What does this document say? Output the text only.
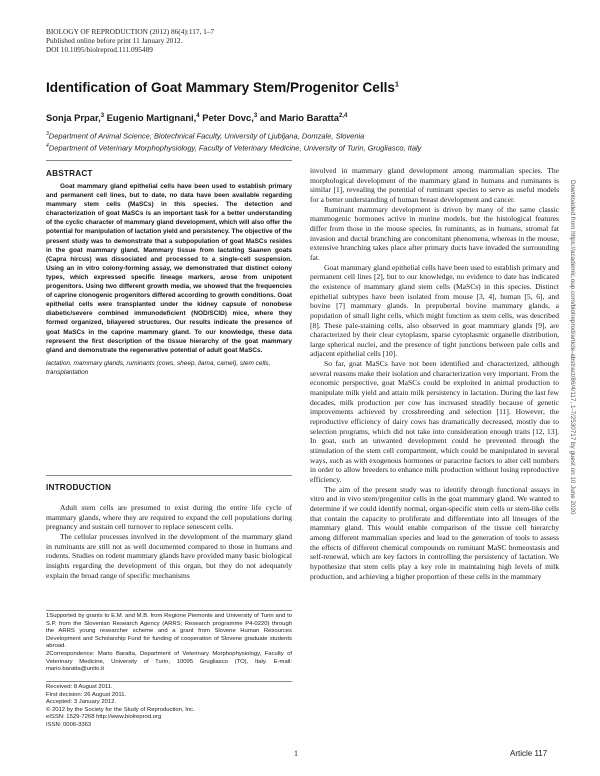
BIOLOGY OF REPRODUCTION (2012) 86(4):117, 1–7
Published online before print 11 January 2012.
DOI 10.1095/biolreprod.111.095489
Identification of Goat Mammary Stem/Progenitor Cells$^1$
Sonja Prpar,$^3$ Eugenio Martignani,$^4$ Peter Dovc,$^3$ and Mario Baratta$^{2,4}$
$^3$Department of Animal Science, Biotechnical Faculty, University of Ljubljana, Domzale, Slovenia
$^4$Department of Veterinary Morphophysiology, Faculty of Veterinary Medicine, University of Turin, Grugliasco, Italy
ABSTRACT

Goat mammary gland epithelial cells have been used to establish primary and permanent cell lines, but to date, no data have been available regarding mammary stem cells (MaSCs) in this species. The detection and characterization of goat MaSCs is an important task for a better understanding of the cyclic character of mammary gland development, which will also offer the potential for manipulation of lactation yield and persistency. The objective of the present study was to demonstrate that a subpopulation of goat MaSCs resides in the goat mammary gland. Mammary tissue from lactating Saanen goats (Capra hircus) was dissociated and processed to a single-cell suspension. Using an in vitro colony-forming assay, we demonstrated that distinct colony types, which expressed specific lineage markers, arose from unipotent progenitors. Using two different growth media, we showed that the frequencies of caprine clonogenic progenitors differed according to growth conditions. Goat epithelial cells were transplanted under the kidney capsule of nonobese diabetic/severe combined immunodeficient (NOD/SCID) mice, where they formed organized, bilayered structures. Our results indicate the presence of goat MaSCs in the caprine mammary gland. To our knowledge, these data represent the first description of the tissue hierarchy of the goat mammary gland and demonstrate the regenerative potential of adult goat MaSCs.

lactation, mammary glands, ruminants (cows, sheep, llama, camel), stem cells, transplantation

INTRODUCTION

Adult stem cells are presumed to exist during the entire life cycle of mammary glands, where they are required to expand the cell populations during pregnancy and sustain cell turnover to replace senescent cells.

The cellular processes involved in the development of the mammary gland in ruminants are still not as well documented compared to those in humans and rodents. Studies on rodent mammary glands have provided many basic biological insights regarding the development of this organ, but they do not adequately explain the broad range of specific mechanisms

1Supported by grants to E.M. and M.B. from Regione Piemonte and University of Turin and to S.P. from the Slovenian Research Agency (ARRS; Research programme P4-0220) through the ARRS young researcher scheme and a grant from Slovene Human Resources Development and Scholarship Fund for funding of cooperation of Slovene graduate students abroad.

2Correspondence: Mario Baratta, Department of Veterinary Morphophysiology, Faculty of Veterinary Medicine, University of Turin, 10095 Grugliasco (TO), Italy. E-mail: mario.baratta@unito.it

Received: 8 August 2011.
First decision: 26 August 2011.
Accepted: 3 January 2012.
© 2012 by the Society for the Study of Reproduction, Inc.
eISSN: 1529-7268 http://www.biolreprod.org
ISSN: 0006-3363

involved in mammary gland development among mammalian species. The morphological development of the mammary gland in humans and ruminants is similar [1], revealing the potential of ruminant species to serve as useful models for a better understanding of human breast development and cancer.

Ruminant mammary development is driven by many of the same classic mammogenic hormones active in murine models, but the histological features differ from those in the mouse species. In ruminants, as in humans, stromal fat invasion and ductal branching are concomitant phenomena, whereas in the mouse, extensive branching takes place after primary ducts have invaded the surrounding fat.

Goat mammary gland epithelial cells have been used to establish primary and permanent cell lines [2], but to our knowledge, no evidence to date has indicated the existence of mammary gland stem cells (MaSCs) in this species. Distinct epithelial subtypes have been isolated from mouse [3, 4], human [5, 6], and bovine [7] mammary glands. In prepubertal bovine mammary glands, a population of small light cells, which might function as stem cells, was described [8]. These pale-staining cells, also observed in goat mammary glands [9], are characterized by their clear cytoplasm, sparse cytoplasmic organelle distribution, large spherical nuclei, and the presence of tight junctions between pale cells and adjacent epithelial cells [10].

So far, goat MaSCs have not been identified and characterized, although several reasons make their isolation and characterization very important. From the economic perspective, goat MaSCs could be exploited in animal production to manipulate milk yield and attain milk persistency in lactation. During the last few decades, milk production per cow has increased steadily because of genetic improvements achieved by crossbreeding and selection [11]. However, the reproductive efficiency of dairy cows has dramatically decreased, mostly due to selection programs, which did not take into consideration enough traits [12, 13]. In goat, such an unwanted development could be prevented through the stimulation of the stem cell compartment, which could be manipulated in several ways, such as with exogenous hormones or paracrine factors to alter cell numbers in order to allow breeders to enhance milk production without losing reproductive efficiency.

The aim of the present study was to identify through functional assays in vitro and in vivo stem/progenitor cells in the goat mammary gland. We wanted to determine if we could identify normal, organ-specific stem cells or stem-like cells that contain the capacity to proliferate and differentiate into all lineages of the mammary gland. This would enable comparison of the tissue cell hierarchy among different mammalian species and lead to the generation of tools to assess the effects of different chemical compounds on ruminant MaSC homeostasis and self-renewal, which are key factors in controlling the persistency of lactation. We hypothesize that stem cells play a key role in maintaining high levels of milk production, and achieving a higher proportion of these cells in the mammary

Downloaded from https://academic.oup.com/biolreprod/article-abstract/86/4/117, 1-7/2530717 by guest on 10 June 2020
1	Article 117
